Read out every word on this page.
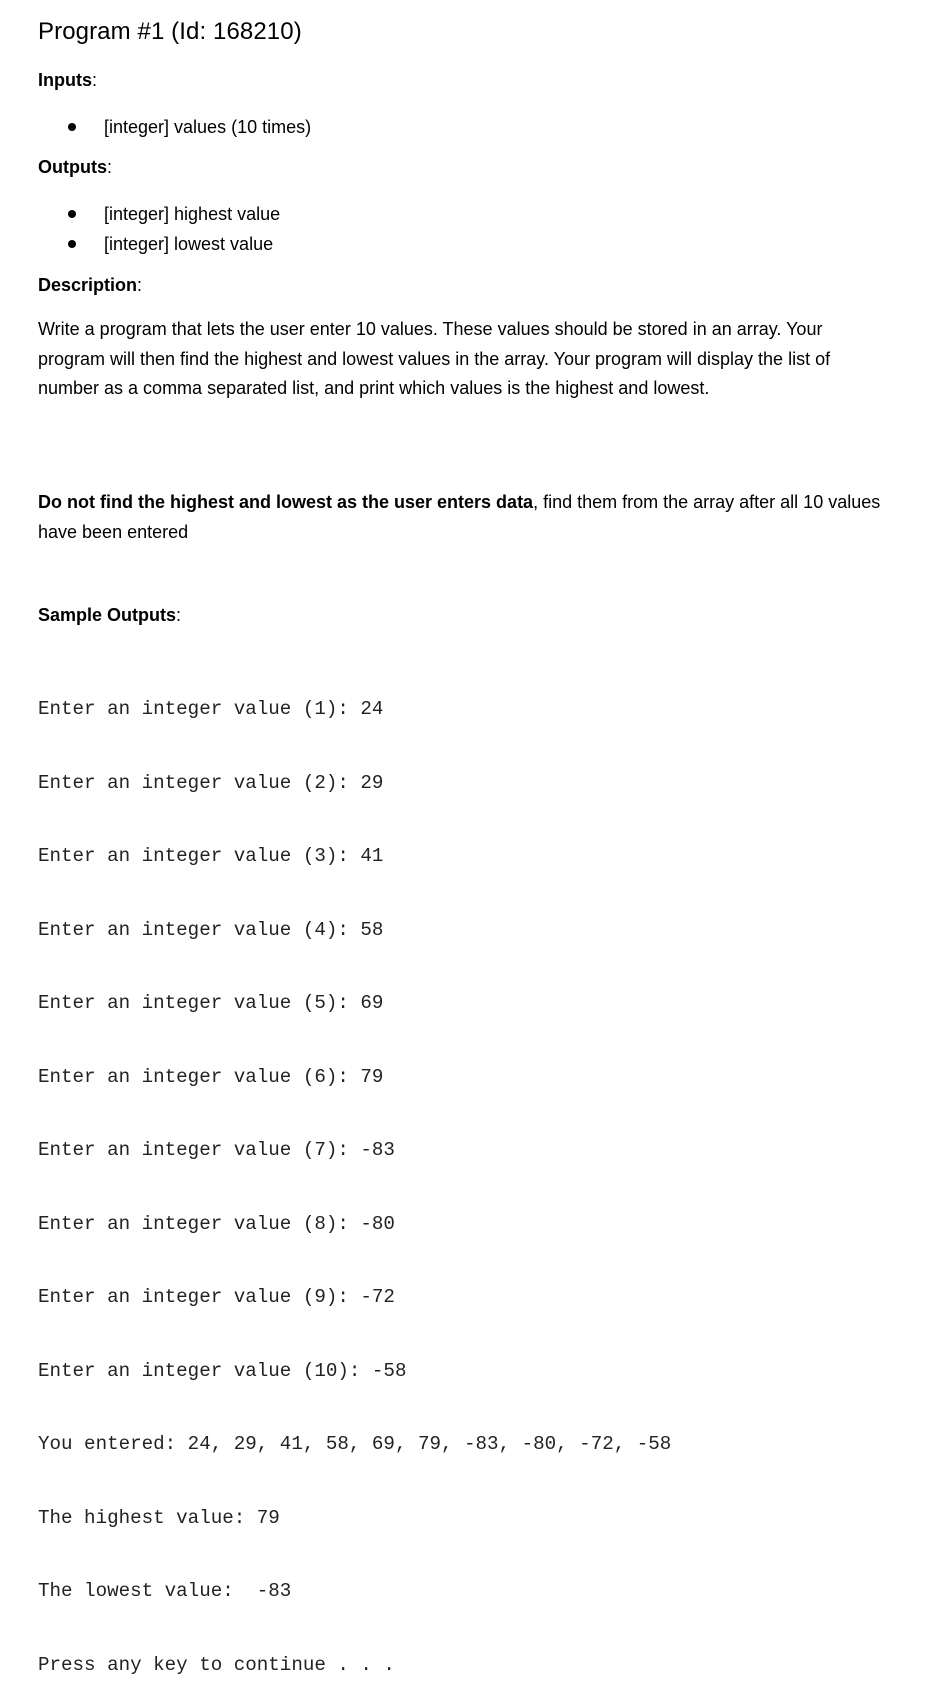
Program #1 (Id: 168210)
Inputs:
[integer] values (10 times)
Outputs:
[integer] highest value
[integer] lowest value
Description:
Write a program that lets the user enter 10 values. These values should be stored in an array. Your program will then find the highest and lowest values in the array. Your program will display the list of number as a comma separated list, and print which values is the highest and lowest.
Do not find the highest and lowest as the user enters data, find them from the array after all 10 values have been entered
Sample Outputs:

Enter an integer value (1): 24

Enter an integer value (2): 29

Enter an integer value (3): 41

Enter an integer value (4): 58

Enter an integer value (5): 69

Enter an integer value (6): 79

Enter an integer value (7): -83

Enter an integer value (8): -80

Enter an integer value (9): -72

Enter an integer value (10): -58

You entered: 24, 29, 41, 58, 69, 79, -83, -80, -72, -58

The highest value: 79

The lowest value:  -83

Press any key to continue . . .
